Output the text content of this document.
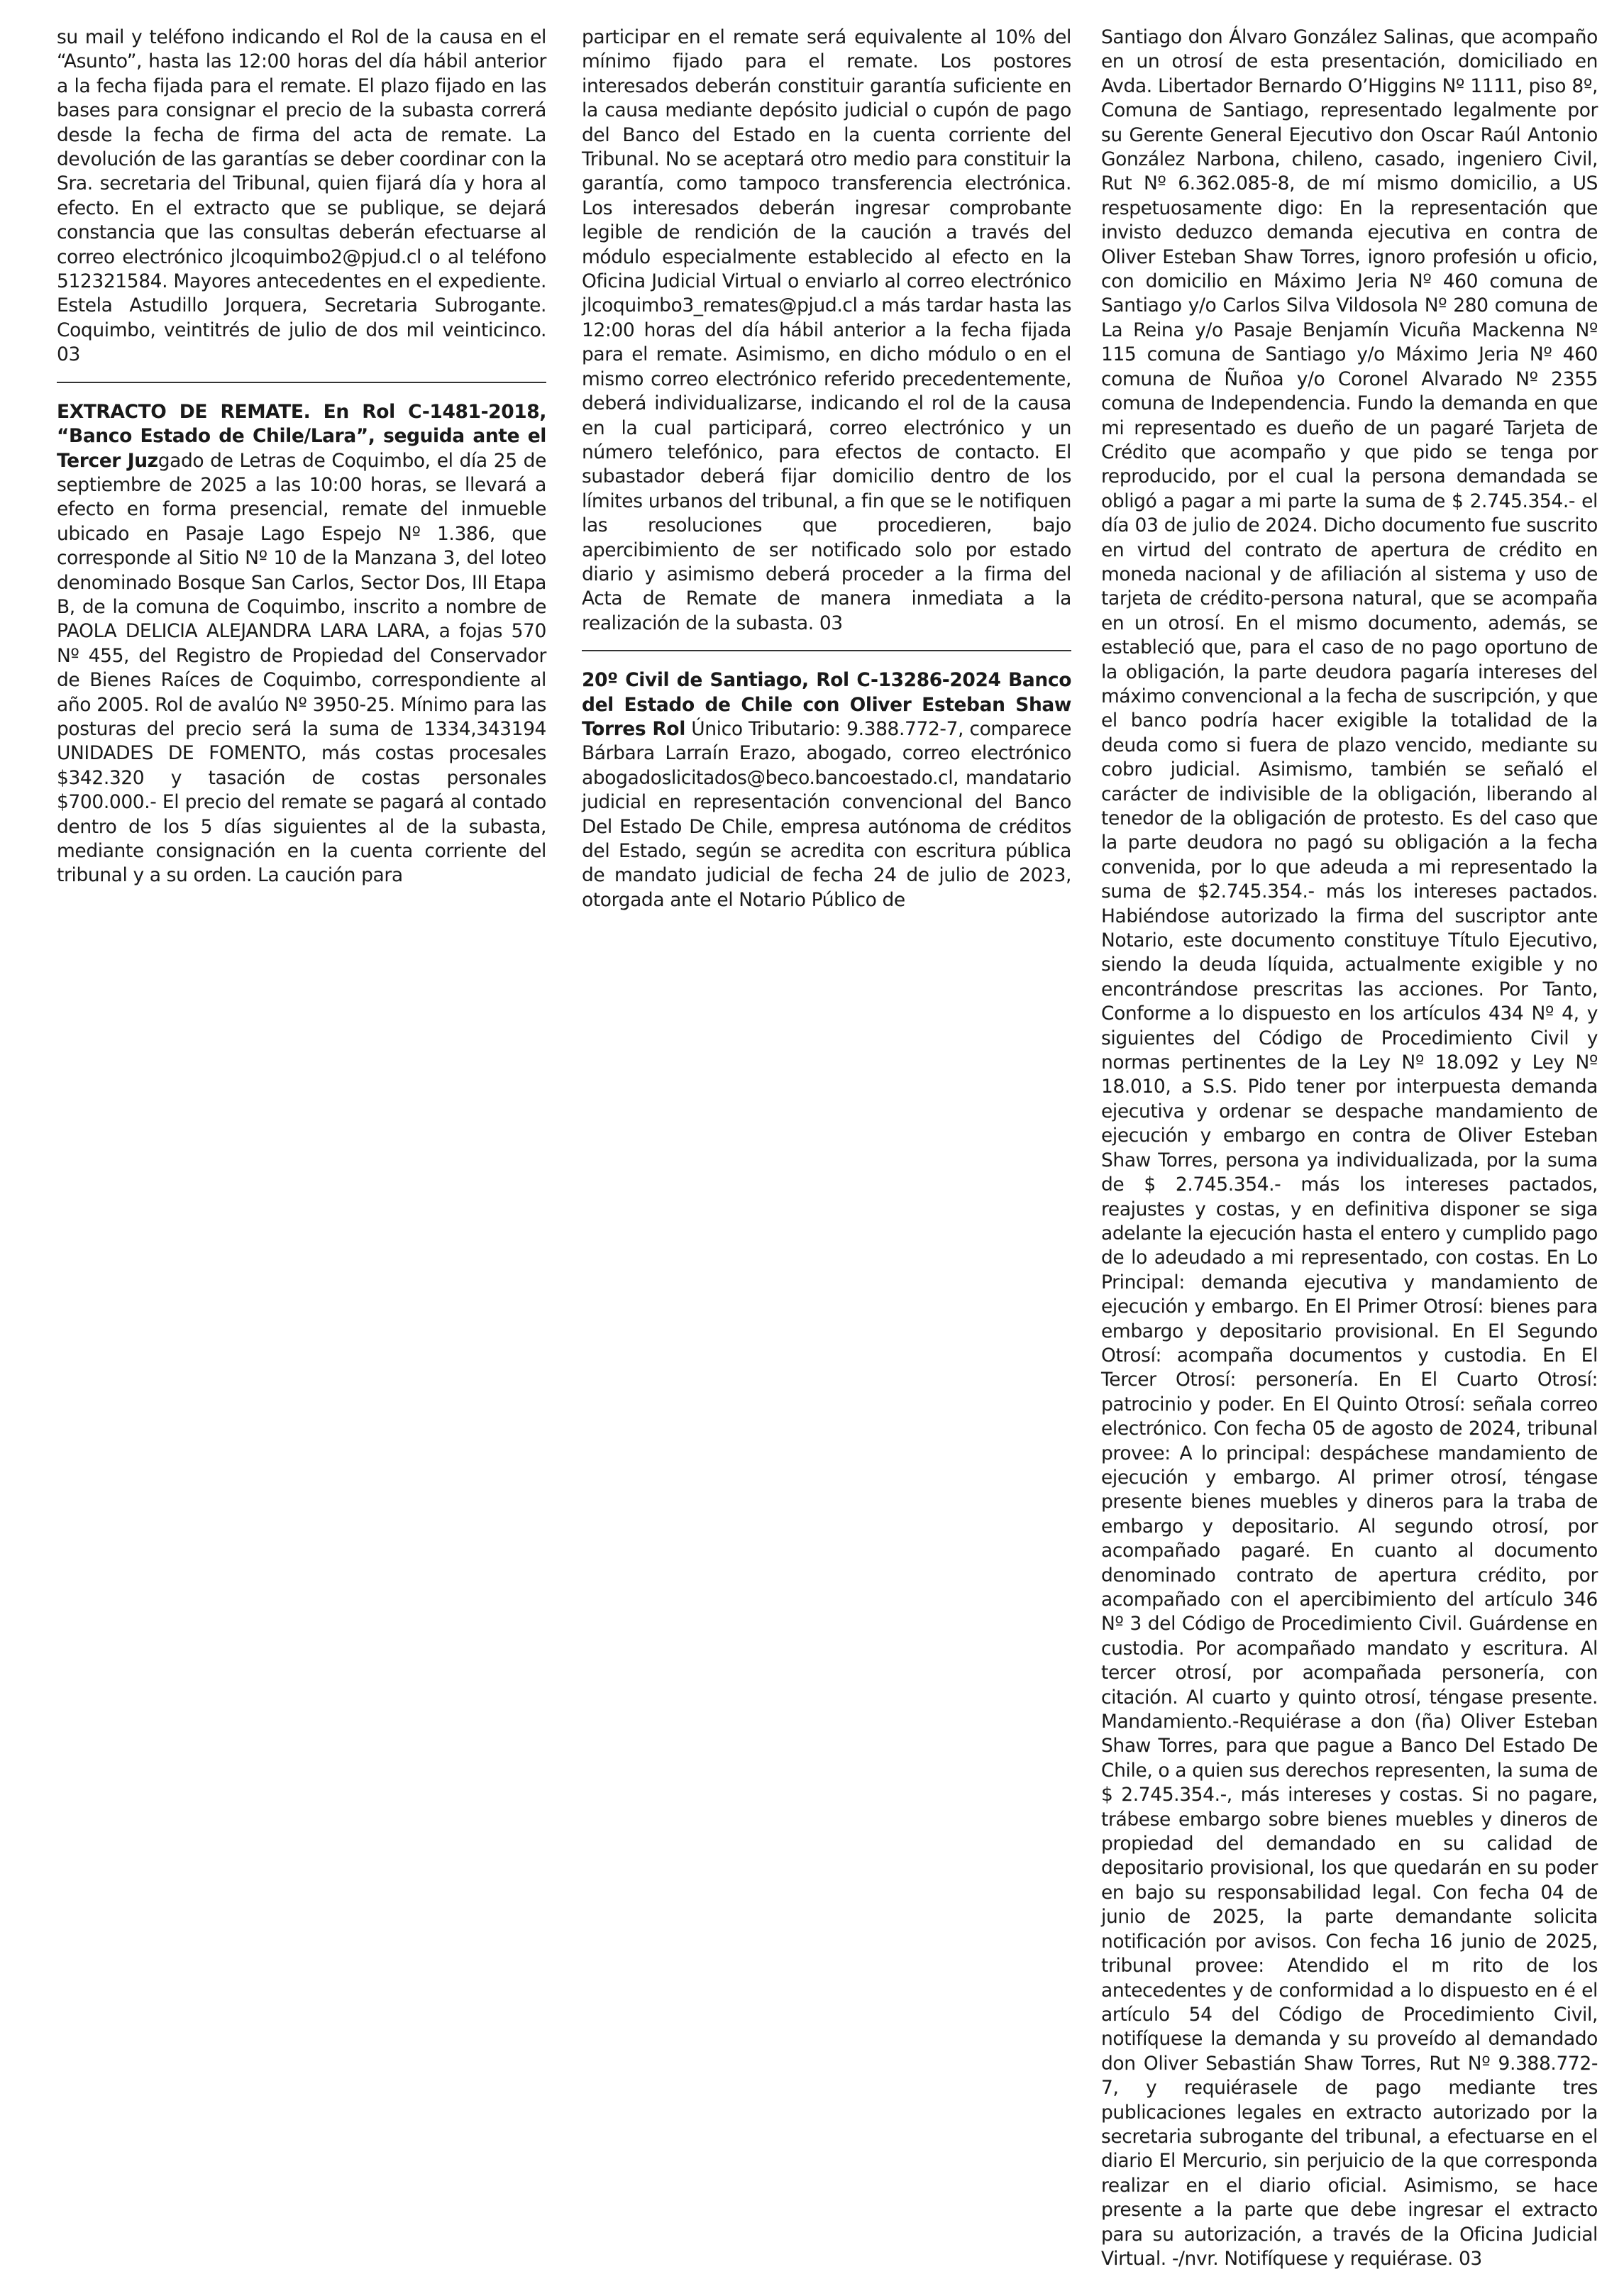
su mail y teléfono indicando el Rol de la causa en el “Asunto”, hasta las 12:00 horas del día hábil anterior a la fecha fijada para el remate. El plazo fijado en las bases para consignar el precio de la subasta correrá desde la fecha de firma del acta de remate. La devolución de las garantías se deber coordinar con la Sra. secretaria del Tribunal, quien fijará día y hora al efecto. En el extracto que se publique, se dejará constancia que las consultas deberán efectuarse al correo electrónico jlcoquimbo2@pjud.cl o al teléfono 512321584. Mayores antecedentes en el expediente. Estela Astudillo Jorquera, Secretaria Subrogante. Coquimbo, veintitrés de julio de dos mil veinticinco. 03

EXTRACTO DE REMATE. En Rol C-1481-2018, “Banco Estado de Chile/Lara”, seguida ante el Tercer Juzgado de Letras de Coquimbo, el día 25 de septiembre de 2025 a las 10:00 horas, se llevará a efecto en forma presencial, remate del inmueble ubicado en Pasaje Lago Espejo Nº 1.386, que corresponde al Sitio Nº 10 de la Manzana 3, del loteo denominado Bosque San Carlos, Sector Dos, III Etapa B, de la comuna de Coquimbo, inscrito a nombre de PAOLA DELICIA ALEJANDRA LARA LARA, a fojas 570 Nº 455, del Registro de Propiedad del Conservador de Bienes Raíces de Coquimbo, correspondiente al año 2005. Rol de avalúo Nº 3950-25. Mínimo para las posturas del precio será la suma de 1334,343194 UNIDADES DE FOMENTO, más costas procesales $342.320 y tasación de costas personales $700.000.- El precio del remate se pagará al contado dentro de los 5 días siguientes al de la subasta, mediante consignación en la cuenta corriente del tribunal y a su orden. La caución para

participar en el remate será equivalente al 10% del mínimo fijado para el remate. Los postores interesados deberán constituir garantía suficiente en la causa mediante depósito judicial o cupón de pago del Banco del Estado en la cuenta corriente del Tribunal. No se aceptará otro medio para constituir la garantía, como tampoco transferencia electrónica. Los interesados deberán ingresar comprobante legible de rendición de la caución a través del módulo especialmente establecido al efecto en la Oficina Judicial Virtual o enviarlo al correo electrónico jlcoquimbo3_remates@pjud.cl a más tardar hasta las 12:00 horas del día hábil anterior a la fecha fijada para el remate. Asimismo, en dicho módulo o en el mismo correo electrónico referido precedentemente, deberá individualizarse, indicando el rol de la causa en la cual participará, correo electrónico y un número telefónico, para efectos de contacto. El subastador deberá fijar domicilio dentro de los límites urbanos del tribunal, a fin que se le notifiquen las resoluciones que procedieren, bajo apercibimiento de ser notificado solo por estado diario y asimismo deberá proceder a la firma del Acta de Remate de manera inmediata a la realización de la subasta. 03

20º Civil de Santiago, Rol C-13286-2024 Banco del Estado de Chile con Oliver Esteban Shaw Torres Rol Único Tributario: 9.388.772-7, comparece Bárbara Larraín Erazo, abogado, correo electrónico abogadoslicitados@beco.bancoestado.cl, mandatario judicial en representación convencional del Banco Del Estado De Chile, empresa autónoma de créditos del Estado, según se acredita con escritura pública de mandato judicial de fecha 24 de julio de 2023, otorgada ante el Notario Público de

Santiago don Álvaro González Salinas, que acompaño en un otrosí de esta presentación, domiciliado en Avda. Libertador Bernardo O’Higgins Nº 1111, piso 8º, Comuna de Santiago, representado legalmente por su Gerente General Ejecutivo don Oscar Raúl Antonio González Narbona, chileno, casado, ingeniero Civil, Rut Nº 6.362.085-8, de mí mismo domicilio, a US respetuosamente digo: En la representación que invisto deduzco demanda ejecutiva en contra de Oliver Esteban Shaw Torres, ignoro profesión u oficio, con domicilio en Máximo Jeria Nº 460 comuna de Santiago y/o Carlos Silva Vildosola Nº 280 comuna de La Reina y/o Pasaje Benjamín Vicuña Mackenna Nº 115 comuna de Santiago y/o Máximo Jeria Nº 460 comuna de Ñuñoa y/o Coronel Alvarado Nº 2355 comuna de Independencia. Fundo la demanda en que mi representado es dueño de un pagaré Tarjeta de Crédito que acompaño y que pido se tenga por reproducido, por el cual la persona demandada se obligó a pagar a mi parte la suma de $ 2.745.354.- el día 03 de julio de 2024. Dicho documento fue suscrito en virtud del contrato de apertura de crédito en moneda nacional y de afiliación al sistema y uso de tarjeta de crédito-persona natural, que se acompaña en un otrosí. En el mismo documento, además, se estableció que, para el caso de no pago oportuno de la obligación, la parte deudora pagaría intereses del máximo convencional a la fecha de suscripción, y que el banco podría hacer exigible la totalidad de la deuda como si fuera de plazo vencido, mediante su cobro judicial. Asimismo, también se señaló el carácter de indivisible de la obligación, liberando al tenedor de la obligación de protesto. Es del caso que la parte deudora no pagó su obligación a la fecha convenida, por lo que adeuda a mi representado la suma de $2.745.354.- más los intereses pactados. Habiéndose autorizado la firma del suscriptor ante Notario, este documento constituye Título Ejecutivo, siendo la deuda líquida, actualmente exigible y no encontrándose prescritas las acciones. Por Tanto, Conforme a lo dispuesto en los artículos 434 Nº 4, y siguientes del Código de Procedimiento Civil y normas pertinentes de la Ley Nº 18.092 y Ley Nº 18.010, a S.S. Pido tener por interpuesta demanda ejecutiva y ordenar se despache mandamiento de ejecución y embargo en contra de Oliver Esteban Shaw Torres, persona ya individualizada, por la suma de $ 2.745.354.- más los intereses pactados, reajustes y costas, y en definitiva disponer se siga adelante la ejecución hasta el entero y cumplido pago de lo adeudado a mi representado, con costas. En Lo Principal: demanda ejecutiva y mandamiento de ejecución y embargo. En El Primer Otrosí: bienes para embargo y depositario provisional. En El Segundo Otrosí: acompaña documentos y custodia. En El Tercer Otrosí: personería. En El Cuarto Otrosí: patrocinio y poder. En El Quinto Otrosí: señala correo electrónico. Con fecha 05 de agosto de 2024, tribunal provee: A lo principal: despáchese mandamiento de ejecución y embargo. Al primer otrosí, téngase presente bienes muebles y dineros para la traba de embargo y depositario. Al segundo otrosí, por acompañado pagaré. En cuanto al documento denominado contrato de apertura crédito, por acompañado con el apercibimiento del artículo 346 Nº 3 del Código de Procedimiento Civil. Guárdense en custodia. Por acompañado mandato y escritura. Al tercer otrosí, por acompañada personería, con citación. Al cuarto y quinto otrosí, téngase presente. Mandamiento.-Requiérase a don (ña) Oliver Esteban Shaw Torres, para que pague a Banco Del Estado De Chile, o a quien sus derechos representen, la suma de $ 2.745.354.-, más intereses y costas. Si no pagare, trábese embargo sobre bienes muebles y dineros de propiedad del demandado en su calidad de depositario provisional, los que quedarán en su poder en bajo su responsabilidad legal. Con fecha 04 de junio de 2025, la parte demandante solicita notificación por avisos. Con fecha 16 junio de 2025, tribunal provee: Atendido el m rito de los antecedentes y de conformidad a lo dispuesto en é el artículo 54 del Código de Procedimiento Civil, notifíquese la demanda y su proveído al demandado don Oliver Sebastián Shaw Torres, Rut Nº 9.388.772-7, y requiérasele de pago mediante tres publicaciones legales en extracto autorizado por la secretaria subrogante del tribunal, a efectuarse en el diario El Mercurio, sin perjuicio de la que corresponda realizar en el diario oficial. Asimismo, se hace presente a la parte que debe ingresar el extracto para su autorización, a través de la Oficina Judicial Virtual. -/nvr. Notifíquese y requiérase. 03
